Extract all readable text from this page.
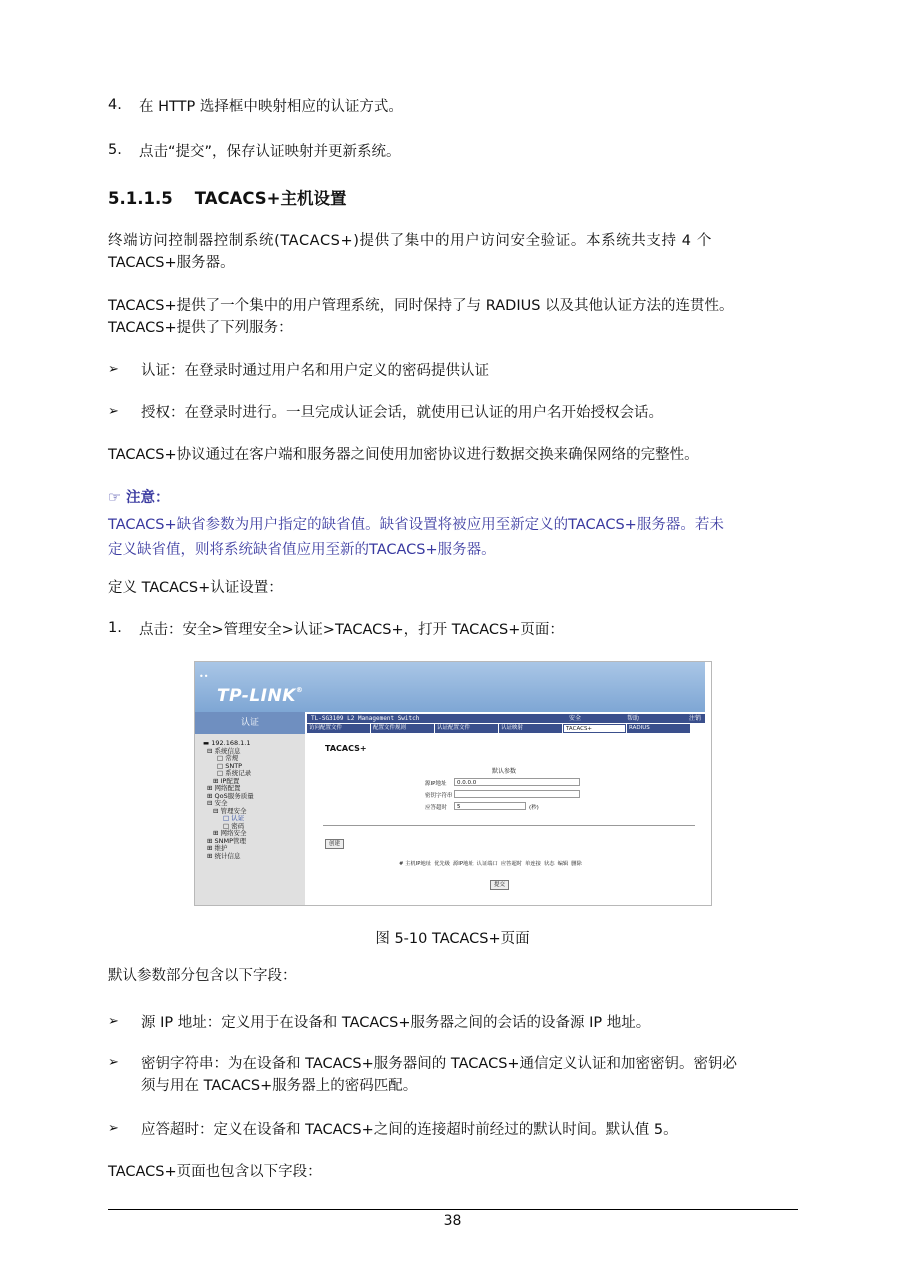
4. 在 HTTP 选择框中映射相应的认证方式。
5. 点击“提交”，保存认证映射并更新系统。
5.1.1.5 TACACS+主机设置
终端访问控制器控制系统(TACACS+)提供了集中的用户访问安全验证。本系统共支持 4 个
TACACS+服务器。
TACACS+提供了一个集中的用户管理系统，同时保持了与 RADIUS 以及其他认证方法的连贯性。
TACACS+提供了下列服务：
➢ 认证：在登录时通过用户名和用户定义的密码提供认证
➢ 授权：在登录时进行。一旦完成认证会话，就使用已认证的用户名开始授权会话。
TACACS+协议通过在客户端和服务器之间使用加密协议进行数据交换来确保网络的完整性。
☞ 注意：
TACACS+缺省参数为用户指定的缺省值。缺省设置将被应用至新定义的TACACS+服务器。若未
定义缺省值，则将系统缺省值应用至新的TACACS+服务器。
定义 TACACS+认证设置：
1. 点击：安全>管理安全>认证>TACACS+，打开 TACACS+页面：
••
TP-LINK®
认证
▬ 192.168.1.1
⊟ 系统信息
□ 常规
□ SNTP
□ 系统记录
⊞ IP配置
⊞ 网络配置
⊞ QoS服务质量
⊟ 安全
⊟ 管理安全
□ 认证
□ 密码
⊞ 网络安全
⊞ SNMP管理
⊞ 维护
⊞ 统计信息
TL-SG3109 L2 Management Switch	安全	帮助	注销
访问配置文件	配置文件规则	认证配置文件	认证映射	TACACS+	RADIUS
TACACS+
默认参数
源IP地址	0.0.0.0
密钥字符串
应答超时	5	(秒)
创建
# 主机IP地址 优先级 源IP地址 认证端口 应答超时 单连接 状态 编辑 删除
提交
图 5-10 TACACS+页面
默认参数部分包含以下字段：
➢ 源 IP 地址：定义用于在设备和 TACACS+服务器之间的会话的设备源 IP 地址。
➢ 密钥字符串：为在设备和 TACACS+服务器间的 TACACS+通信定义认证和加密密钥。密钥必
须与用在 TACACS+服务器上的密码匹配。
➢ 应答超时：定义在设备和 TACACS+之间的连接超时前经过的默认时间。默认值 5。
TACACS+页面也包含以下字段：
38
